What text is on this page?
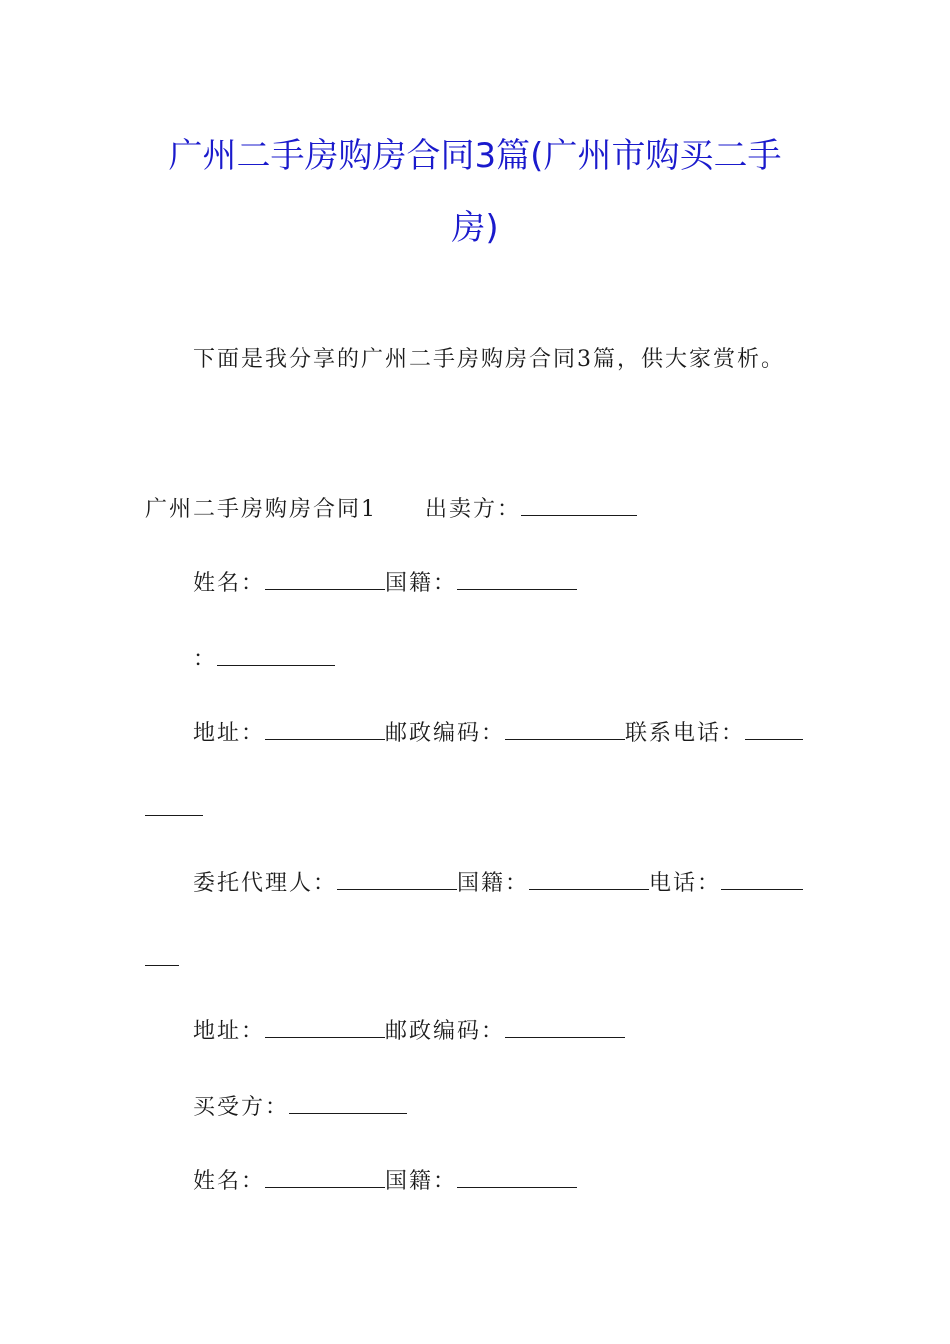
广州二手房购房合同3篇(广州市购买二手
房)
下面是我分享的广州二手房购房合同3篇，供大家赏析。
广州二手房购房合同1 出卖方：
姓名：	国籍：
：
地址：	邮政编码：	联系电话：
委托代理人：	国籍：	电话：
地址：	邮政编码：
买受方：
姓名：	国籍：
